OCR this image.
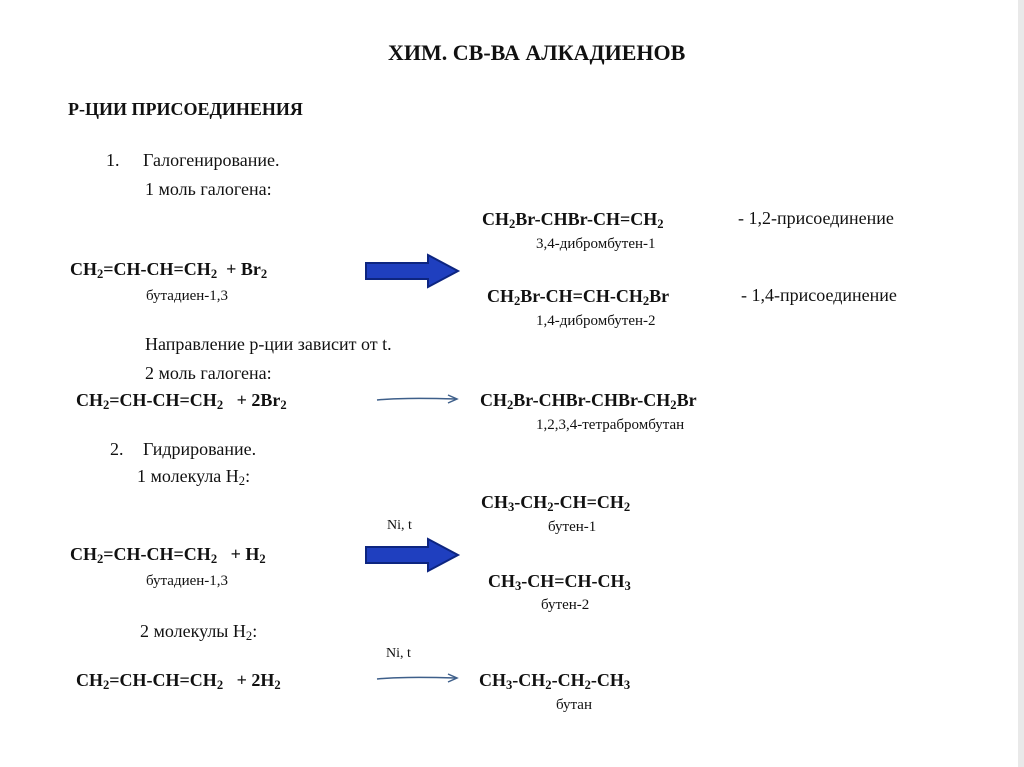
ХИМ. СВ-ВА АЛКАДИЕНОВ
Р-ЦИИ ПРИСОЕДИНЕНИЯ
1. Галогенирование.
1 моль галогена:
$CH_2Br-CHBr-CH=CH_2$	- 1,2-присоединение
3,4-дибромбутен-1
$CH_2=CH-CH=CH_2 + Br_2$
бутадиен-1,3	$CH_2Br-CH=CH-CH_2Br$	- 1,4-присоединение
1,4-дибромбутен-2
Направление р-ции зависит от t.
2 моль галогена:
$CH_2=CH-CH=CH_2 + 2Br_2$	$CH_2Br-CHBr-CHBr-CH_2Br$
1,2,3,4-тетрабромбутан
2. Гидрирование.
1 молекула $H_2$:
$CH_3-CH_2-CH=CH_2$
Ni, t	бутен-1
$CH_2=CH-CH=CH_2 + H_2$
бутадиен-1,3	$CH_3-CH=CH-CH_3$
бутен-2
2 молекулы $H_2$:
Ni, t
$CH_2=CH-CH=CH_2 + 2H_2$	$CH_3-CH_2-CH_2-CH_3$
бутан
